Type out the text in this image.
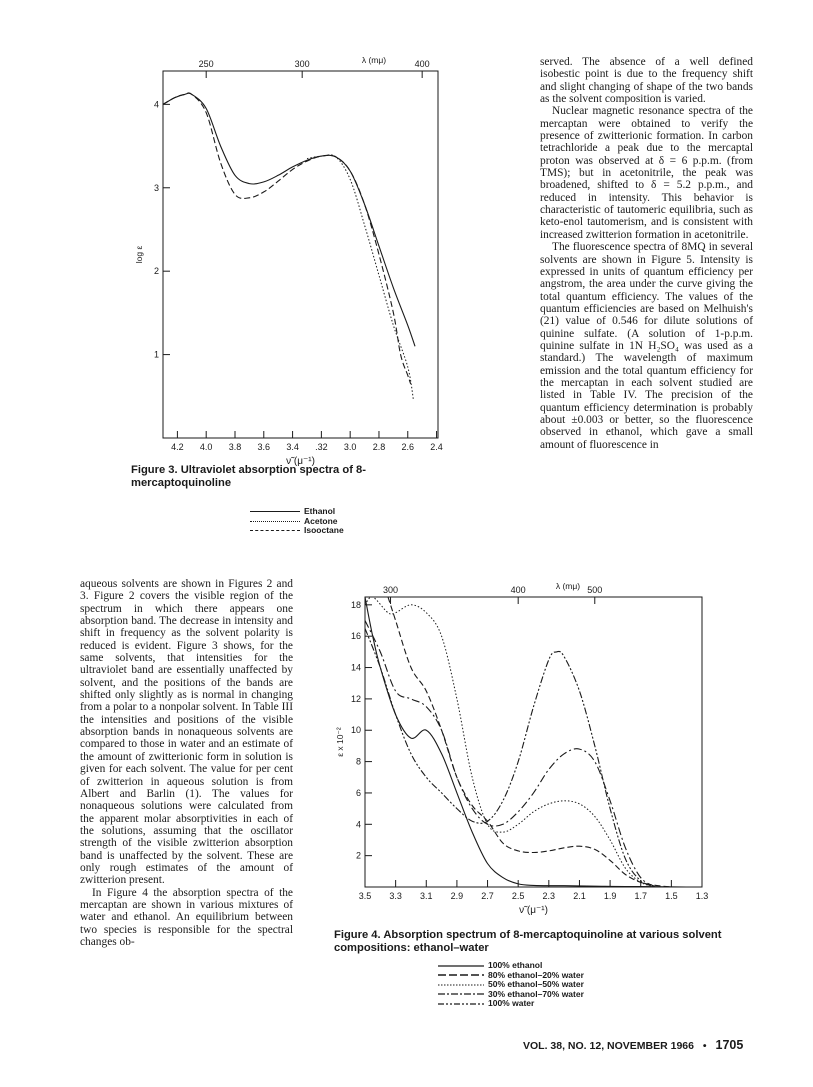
4.2 4.0 3.8 3.6 3.4 .32 3.0 2.8 2.6 2.4
1
2
3
4
250	300	400
λ (mμ)
ν̃ (μ⁻¹)
log ε
Figure 3. Ultraviolet absorption spectra of 8-mercaptoquinoline
Ethanol
Acetone
Isooctane

served. The absence of a well defined isobestic point is due to the frequency shift and slight changing of shape of the two bands as the solvent composition is varied.

Nuclear magnetic resonance spectra of the mercaptan were obtained to verify the presence of zwitterionic formation. In carbon tetrachloride a peak due to the mercaptal proton was observed at δ = 6 p.p.m. (from TMS); but in acetonitrile, the peak was broadened, shifted to δ = 5.2 p.p.m., and reduced in intensity. This behavior is characteristic of tautomeric equilibria, such as keto-enol tautomerism, and is consistent with increased zwitterion formation in acetonitrile.

The fluorescence spectra of 8MQ in several solvents are shown in Figure 5. Intensity is expressed in units of quantum efficiency per angstrom, the area under the curve giving the total quantum efficiency. The values of the quantum efficiencies are based on Melhuish's (21) value of 0.546 for dilute solutions of quinine sulfate. (A solution of 1-p.p.m. quinine sulfate in 1N H₂SO₄ was used as a standard.) The wavelength of maximum emission and the total quantum efficiency for the mercaptan in each solvent studied are listed in Table IV. The precision of the quantum efficiency determination is probably about ±0.003 or better, so the fluorescence observed in ethanol, which gave a small amount of fluorescence in

aqueous solvents are shown in Figures 2 and 3. Figure 2 covers the visible region of the spectrum in which there appears one absorption band. The decrease in intensity and shift in frequency as the solvent polarity is reduced is evident. Figure 3 shows, for the same solvents, that intensities for the ultraviolet band are essentially unaffected by solvent, and the positions of the bands are shifted only slightly as is normal in changing from a polar to a nonpolar solvent. In Table III the intensities and positions of the visible absorption bands in nonaqueous solvents are compared to those in water and an estimate of the amount of zwitterionic form in solution is given for each solvent. The value for per cent of zwitterion in aqueous solution is from Albert and Barlin (1). The values for nonaqueous solutions were calculated from the apparent molar absorptivities in each of the solutions, assuming that the oscillator strength of the visible zwitterion absorption band is unaffected by the solvent. These are only rough estimates of the amount of zwitterion present.

In Figure 4 the absorption spectra of the mercaptan are shown in various mixtures of water and ethanol. An equilibrium between two species is responsible for the spectral changes ob-

3.5 3.3 3.1 2.9 2.7 2.5 2.3 2.1 1.9 1.7 1.5 1.3
2
4
6
8
10
12
14
16
18
300	400	500
λ (mμ)
ν̃ (μ⁻¹)
ε x 10⁻²
Figure 4. Absorption spectrum of 8-mercaptoquinoline at various solvent compositions: ethanol–water
100% ethanol
80% ethanol–20% water
50% ethanol–50% water
30% ethanol–70% water
100% water
VOL. 38, NO. 12, NOVEMBER 1966 • 1705
